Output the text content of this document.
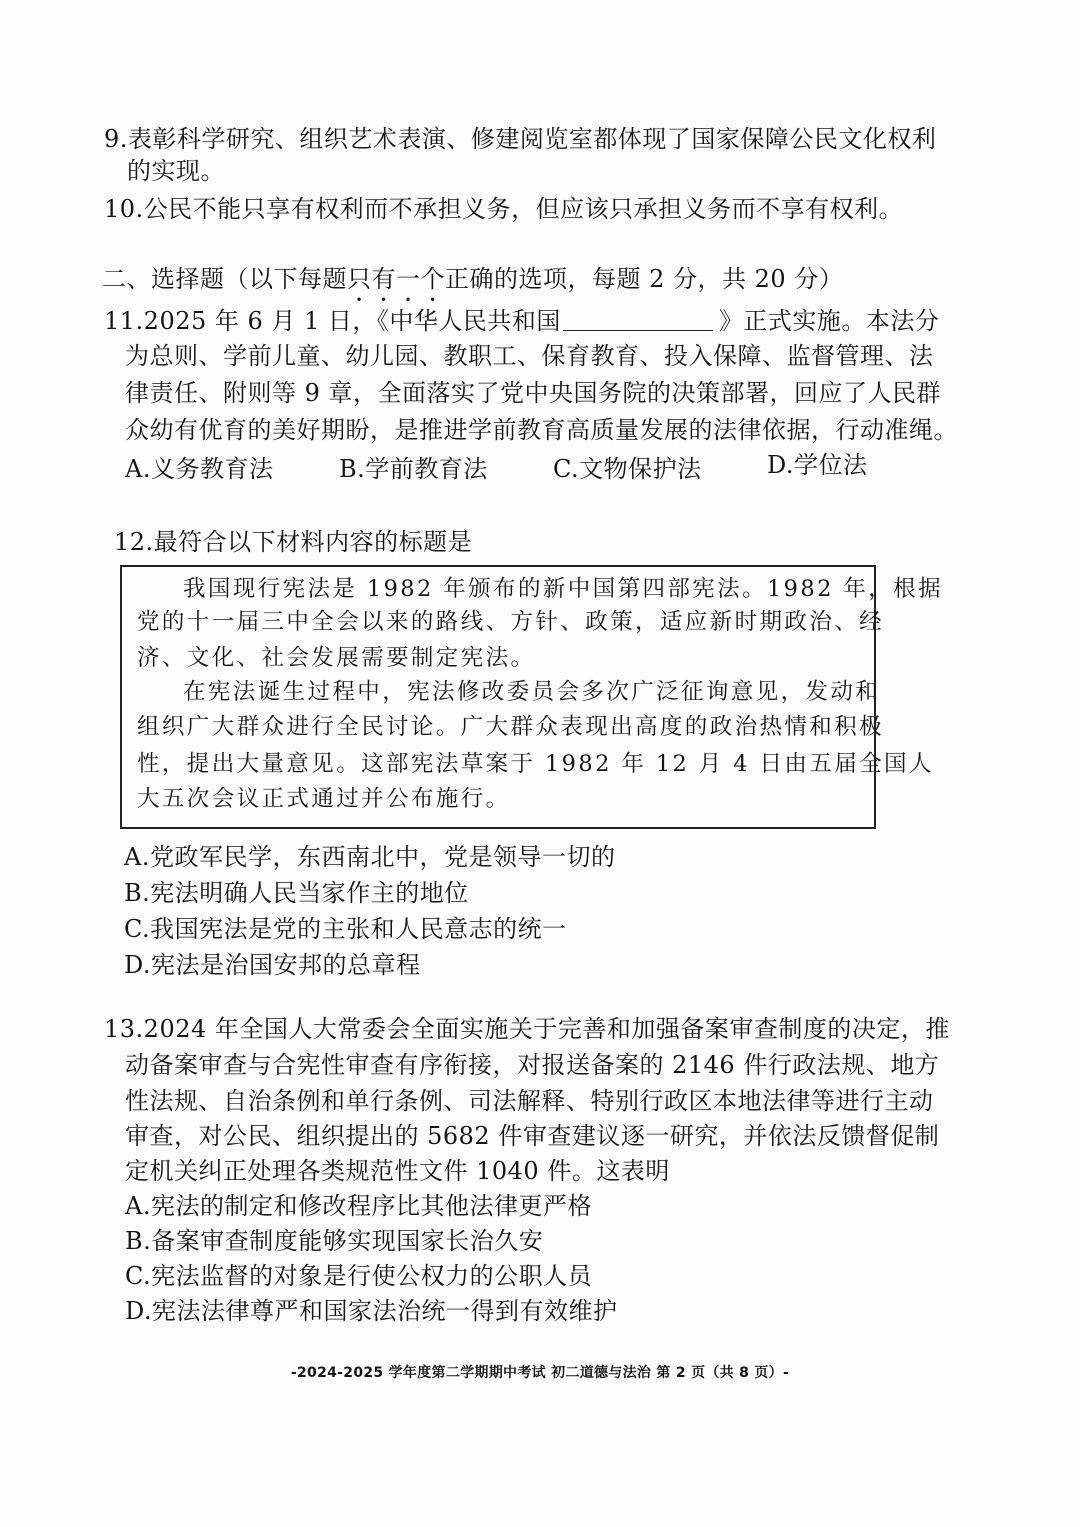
9.表彰科学研究、组织艺术表演、修建阅览室都体现了国家保障公民文化权利
的实现。
10.公民不能只享有权利而不承担义务，但应该只承担义务而不享有权利。
二、选择题（以下每题只有一个正确的选项，每题 2 分，共 20 分）
11.2025 年 6 月 1 日，《中华人民共和国	》正式实施。本法分
为总则、学前儿童、幼儿园、教职工、保育教育、投入保障、监督管理、法
律责任、附则等 9 章，全面落实了党中央国务院的决策部署，回应了人民群
众幼有优育的美好期盼，是推进学前教育高质量发展的法律依据，行动准绳。
A.义务教育法	B.学前教育法	C.文物保护法	D.学位法
12.最符合以下材料内容的标题是
我国现行宪法是 1982 年颁布的新中国第四部宪法。1982 年，根据
党的十一届三中全会以来的路线、方针、政策，适应新时期政治、经
济、文化、社会发展需要制定宪法。
在宪法诞生过程中，宪法修改委员会多次广泛征询意见，发动和
组织广大群众进行全民讨论。广大群众表现出高度的政治热情和积极
性，提出大量意见。这部宪法草案于 1982 年 12 月 4 日由五届全国人
大五次会议正式通过并公布施行。
A.党政军民学，东西南北中，党是领导一切的
B.宪法明确人民当家作主的地位
C.我国宪法是党的主张和人民意志的统一
D.宪法是治国安邦的总章程
13.2024 年全国人大常委会全面实施关于完善和加强备案审查制度的决定，推
动备案审查与合宪性审查有序衔接，对报送备案的 2146 件行政法规、地方
性法规、自治条例和单行条例、司法解释、特别行政区本地法律等进行主动
审查，对公民、组织提出的 5682 件审查建议逐一研究，并依法反馈督促制
定机关纠正处理各类规范性文件 1040 件。这表明
A.宪法的制定和修改程序比其他法律更严格
B.备案审查制度能够实现国家长治久安
C.宪法监督的对象是行使公权力的公职人员
D.宪法法律尊严和国家法治统一得到有效维护
-2024-2025 学年度第二学期期中考试 初二道德与法治 第 2 页（共 8 页）-
